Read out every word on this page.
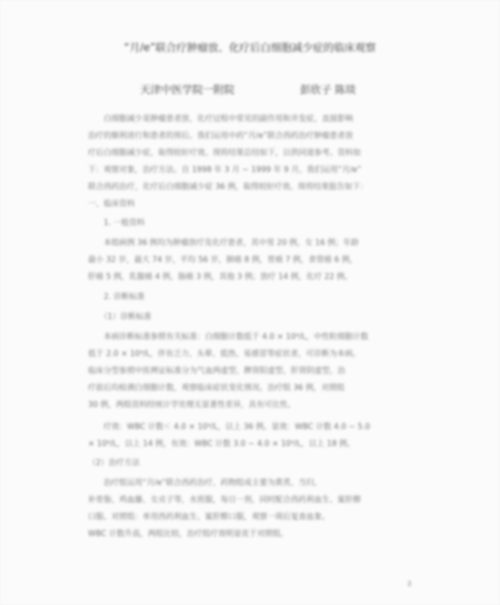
“月/e”联合疗肿瘤放、化疗后白细胞减少症的临床观察
天津中医学院一附院	彭欣子 陈琰
　　白细胞减少是肿瘤患者放、化疗过程中常见的副作用和并发症，直接影响
治疗的顺利进行和患者的预后。我们运用中药“月/e”联合西药治疗肿瘤患者放
疗后白细胞减少症，取得较好疗效。现将结果总结如下，以供同道参考。资料如
下：观察对象，治疗方法。自 1998 年 3 月 ~ 1999 年 9 月，我们运用“月/e”
联合西药治疗，化疗后白细胞减少症 36 例，取得较好疗效。现将结果报告如下：
一、临床资料
　　1. 一般资料
　　本组病例 36 例均为肿瘤放疗及化疗患者，其中男 20 例，女 16 例；年龄
最小 32 岁，最大 74 岁，平均 56 岁，肺癌 8 例，胃癌 7 例，食管癌 6 例，
肝癌 5 例，乳腺癌 4 例，肠癌 3 例，其他 3 例；放疗 14 例，化疗 22 例。
　　2. 诊断标准
　　（1）诊断标准
　　本病诊断标准参照有关标准：白细胞计数低于 4.0 × 10⁹/L，中性粒细胞计数
低于 2.0 × 10⁹/L，伴有乏力、头晕、低热、易感冒等症状者，可诊断为本病。
临床分型参照中医辨证标准分为气血两虚型、脾肾阳虚型、肝肾阴虚型，治
疗前后均检测白细胞计数，观察临床症状变化情况。治疗组 36 例，对照组
30 例，两组资料经统计学处理无显著性差异，具有可比性。
　　疗效：WBC 计数＜ 4.0 × 10⁹/L，以上 36 例。显效：WBC 计数 4.0 ~ 5.0
× 10⁹/L，以上 14 例，有效：WBC 计数 3.0 ~ 4.0 × 10⁹/L，以上 18 例。
（2）治疗方法
　　治疗组运用“月/e”联合西药治疗，药物组成主要为黄芪、当归、
补骨脂、鸡血藤、女贞子等，水煎服，每日一剂，同时配合西药利血生、鲨肝醇
口服。对照组：单用西药利血生、鲨肝醇口服，观察一周后复查血象。
WBC 计数升高，两组比较，治疗组疗效明显优于对照组。
3
